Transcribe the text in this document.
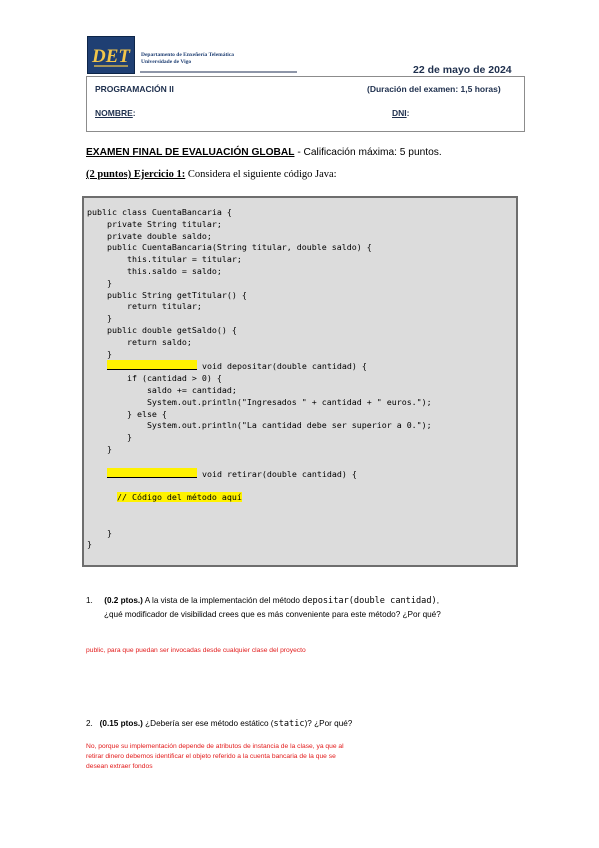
DET Departamento de Enxeñería Telemática
Universidade de Vigo
22 de mayo de 2024
PROGRAMACIÓN II	(Duración del examen: 1,5 horas)
NOMBRE:	DNI:
EXAMEN FINAL DE EVALUACIÓN GLOBAL - Calificación máxima: 5 puntos.
(2 puntos) Ejercicio 1: Considera el siguiente código Java:
public class CuentaBancaria {
private String titular;
private double saldo;
public CuentaBancaria(String titular, double saldo) {
this.titular = titular;
this.saldo = saldo;
}
public String getTitular() {
return titular;
}
public double getSaldo() {
return saldo;
}
void depositar(double cantidad) {
if (cantidad > 0) {
saldo += cantidad;
System.out.println("Ingresados " + cantidad + " euros.");
} else {
System.out.println("La cantidad debe ser superior a 0.");
}
}

void retirar(double cantidad) {

// Código del método aquí

}
}
1. (0.2 ptos.) A la vista de la implementación del método depositar(double cantidad),
¿qué modificador de visibilidad crees que es más conveniente para este método? ¿Por qué?
public, para que puedan ser invocadas desde cualquier clase del proyecto
2. (0.15 ptos.) ¿Debería ser ese método estático (static)? ¿Por qué?
No, porque su implementación depende de atributos de instancia de la clase, ya que al
retirar dinero debemos identificar el objeto referido a la cuenta bancaria de la que se
desean extraer fondos
